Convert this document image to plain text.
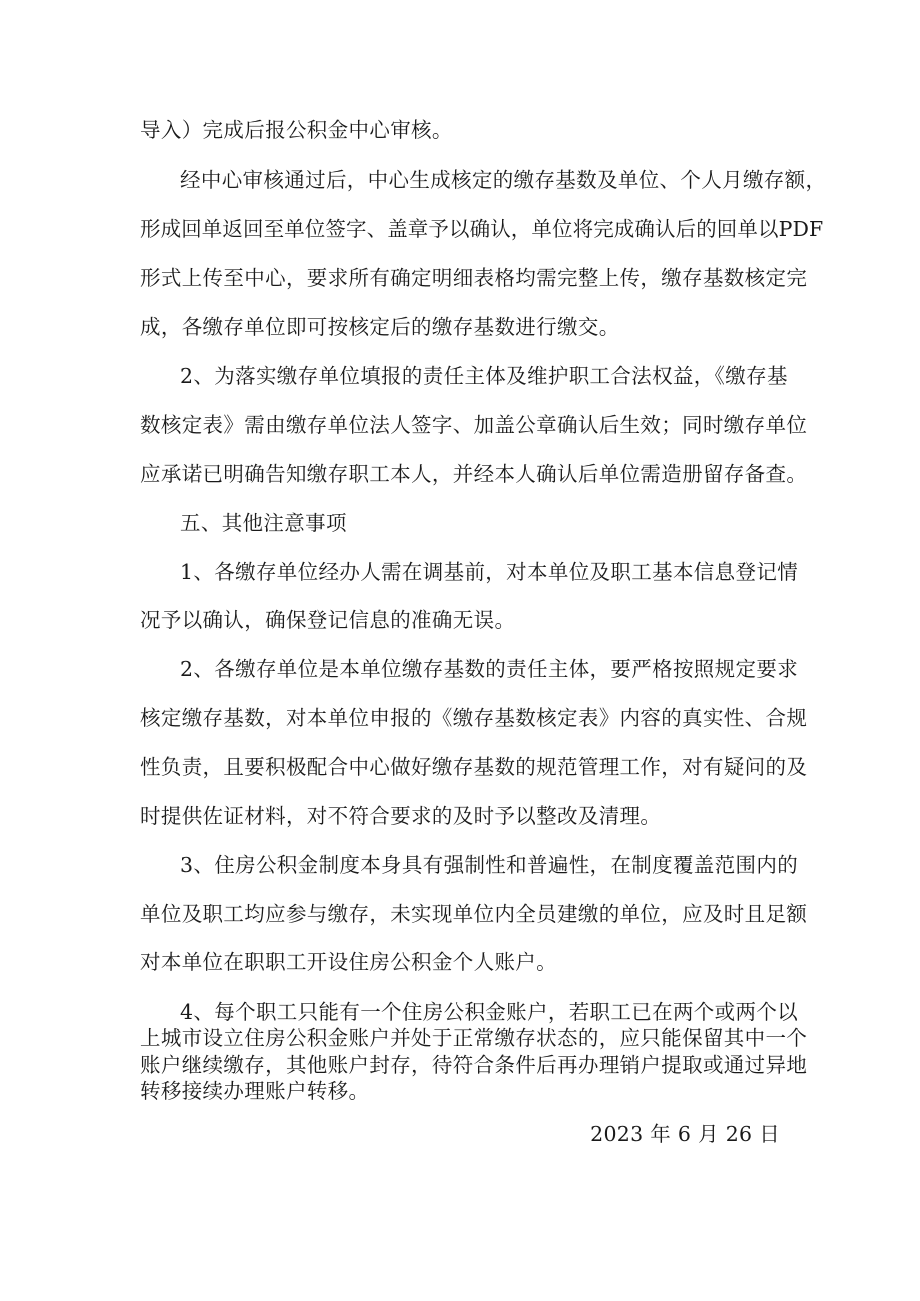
导入）完成后报公积金中心审核。
经中心审核通过后，中心生成核定的缴存基数及单位、个人月缴存额，
形成回单返回至单位签字、盖章予以确认，单位将完成确认后的回单以PDF
形式上传至中心，要求所有确定明细表格均需完整上传，缴存基数核定完
成，各缴存单位即可按核定后的缴存基数进行缴交。
2、为落实缴存单位填报的责任主体及维护职工合法权益，《缴存基
数核定表》需由缴存单位法人签字、加盖公章确认后生效；同时缴存单位
应承诺已明确告知缴存职工本人，并经本人确认后单位需造册留存备查。
五、其他注意事项
1、各缴存单位经办人需在调基前，对本单位及职工基本信息登记情
况予以确认，确保登记信息的准确无误。
2、各缴存单位是本单位缴存基数的责任主体，要严格按照规定要求
核定缴存基数，对本单位申报的《缴存基数核定表》内容的真实性、合规
性负责，且要积极配合中心做好缴存基数的规范管理工作，对有疑问的及
时提供佐证材料，对不符合要求的及时予以整改及清理。
3、住房公积金制度本身具有强制性和普遍性，在制度覆盖范围内的
单位及职工均应参与缴存，未实现单位内全员建缴的单位，应及时且足额
对本单位在职职工开设住房公积金个人账户。
4、每个职工只能有一个住房公积金账户，若职工已在两个或两个以
上城市设立住房公积金账户并处于正常缴存状态的，应只能保留其中一个
账户继续缴存，其他账户封存，待符合条件后再办理销户提取或通过异地
转移接续办理账户转移。
2023 年 6 月 26 日
